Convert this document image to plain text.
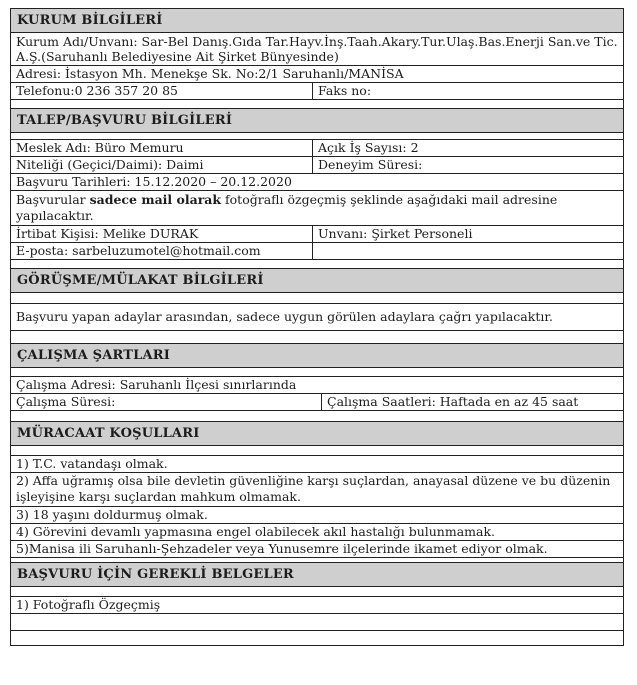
KURUM BİLGİLERİ
Kurum Adı/Unvanı: Sar-Bel Danış.Gıda Tar.Hayv.İnş.Taah.Akary.Tur.Ulaş.Bas.Enerji San.ve Tic. A.Ş.(Saruhanlı Belediyesine Ait Şirket Bünyesinde)
Adresi: İstasyon Mh. Menekşe Sk. No:2/1 Saruhanlı/MANİSA
Telefonu:0 236 357 20 85	Faks no:
TALEP/BAŞVURU BİLGİLERİ
Meslek Adı: Büro Memuru	Açık İş Sayısı: 2
Niteliği (Geçici/Daimi): Daimi	Deneyim Süresi:
Başvuru Tarihleri: 15.12.2020 – 20.12.2020
Başvurular sadece mail olarak fotoğraflı özgeçmiş şeklinde aşağıdaki mail adresine yapılacaktır.
İrtibat Kişisi: Melike DURAK	Unvanı: Şirket Personeli
E-posta: sarbeluzumotel@hotmail.com
GÖRÜŞME/MÜLAKAT BİLGİLERİ
Başvuru yapan adaylar arasından, sadece uygun görülen adaylara çağrı yapılacaktır.
ÇALIŞMA ŞARTLARI
Çalışma Adresi: Saruhanlı İlçesi sınırlarında
Çalışma Süresi:	Çalışma Saatleri: Haftada en az 45 saat
MÜRACAAT KOŞULLARI
1) T.C. vatandaşı olmak.
2) Affa uğramış olsa bile devletin güvenliğine karşı suçlardan, anayasal düzene ve bu düzenin işleyişine karşı suçlardan mahkum olmamak.
3) 18 yaşını doldurmuş olmak.
4) Görevini devamlı yapmasına engel olabilecek akıl hastalığı bulunmamak.
5)Manisa ili Saruhanlı-Şehzadeler veya Yunusemre ilçelerinde ikamet ediyor olmak.
BAŞVURU İÇİN GEREKLİ BELGELER
1) Fotoğraflı Özgeçmiş
